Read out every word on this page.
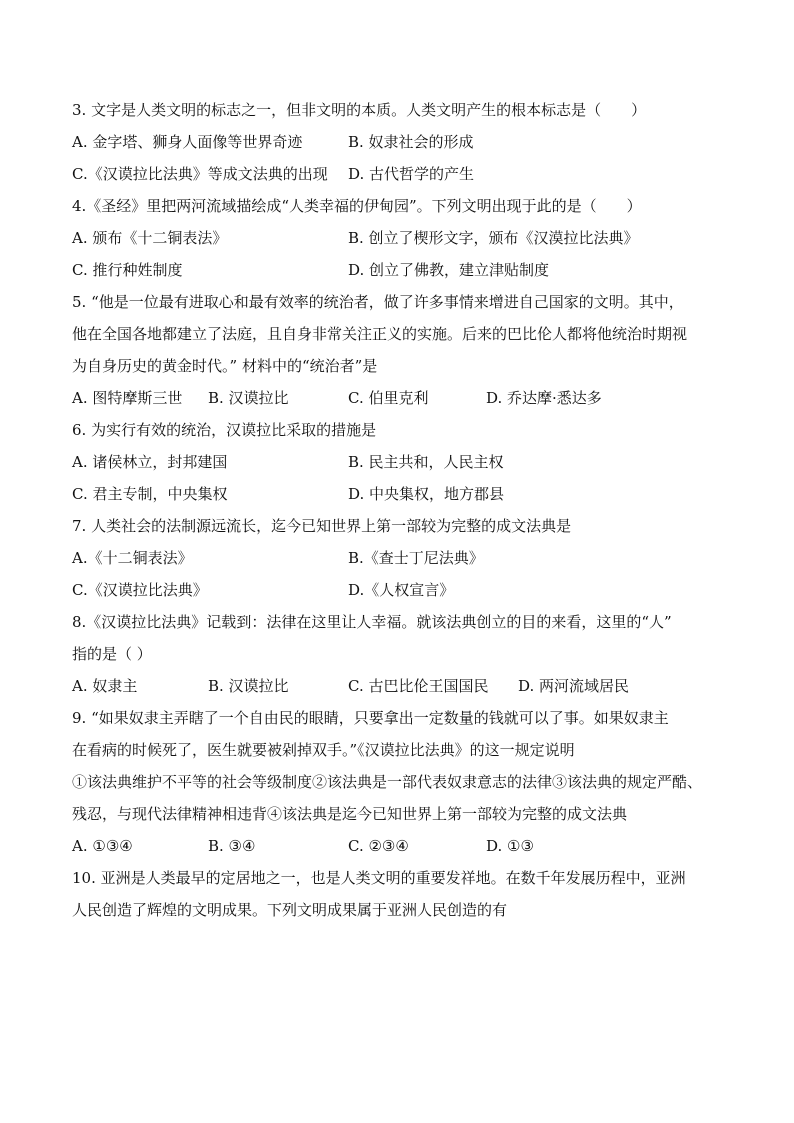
3. 文字是人类文明的标志之一，但非文明的本质。人类文明产生的根本标志是（　　）
A. 金字塔、狮身人面像等世界奇迹	B. 奴隶社会的形成
C.《汉谟拉比法典》等成文法典的出现 D. 古代哲学的产生
4.《圣经》里把两河流域描绘成“人类幸福的伊甸园”。下列文明出现于此的是（　　）
A. 颁布《十二铜表法》	B. 创立了楔形文字，颁布《汉漠拉比法典》
C. 推行种姓制度	D. 创立了佛教，建立津贴制度
5. “他是一位最有进取心和最有效率的统治者，做了许多事情来增进自己国家的文明。其中，
他在全国各地都建立了法庭，且自身非常关注正义的实施。后来的巴比伦人都将他统治时期视
为自身历史的黄金时代。” 材料中的“统治者”是
A. 图特摩斯三世 B. 汉谟拉比	C. 伯里克利	D. 乔达摩·悉达多
6. 为实行有效的统治，汉谟拉比采取的措施是
A. 诸侯林立，封邦建国	B. 民主共和，人民主权
C. 君主专制，中央集权	D. 中央集权，地方郡县
7. 人类社会的法制源远流长，迄今已知世界上第一部较为完整的成文法典是
A.《十二铜表法》	B.《查士丁尼法典》
C.《汉谟拉比法典》	D.《人权宣言》
8.《汉谟拉比法典》记载到：法律在这里让人幸福。就该法典创立的目的来看，这里的“人”
指的是（ ）
A. 奴隶主	B. 汉谟拉比	C. 古巴比伦王国国民 D. 两河流域居民
9. “如果奴隶主弄瞎了一个自由民的眼睛，只要拿出一定数量的钱就可以了事。如果奴隶主
在看病的时候死了，医生就要被剁掉双手。”《汉谟拉比法典》的这一规定说明
①该法典维护不平等的社会等级制度②该法典是一部代表奴隶意志的法律③该法典的规定严酷、
残忍，与现代法律精神相违背④该法典是迄今已知世界上第一部较为完整的成文法典
A. ①③④	B. ③④	C. ②③④	D. ①③
10. 亚洲是人类最早的定居地之一，也是人类文明的重要发祥地。在数千年发展历程中，亚洲
人民创造了辉煌的文明成果。下列文明成果属于亚洲人民创造的有
